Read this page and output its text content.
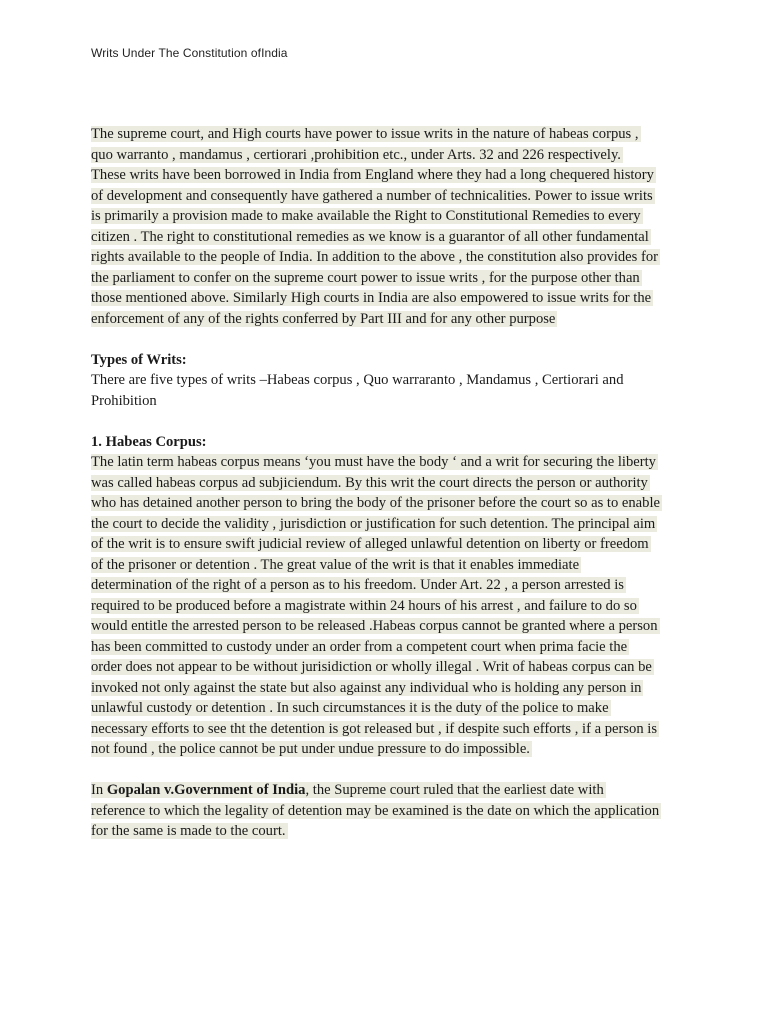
Writs Under The Constitution ofIndia
The supreme court, and High courts have power to issue writs in the nature of habeas corpus ,
quo warranto , mandamus , certiorari ,prohibition etc., under Arts. 32 and 226 respectively.
These writs have been borrowed in India from England where they had a long chequered history
of development and consequently have gathered a number of technicalities. Power to issue writs
is primarily a provision made to make available the Right to Constitutional Remedies to every
citizen . The right to constitutional remedies as we know is a guarantor of all other fundamental
rights available to the people of India. In addition to the above , the constitution also provides for
the parliament to confer on the supreme court power to issue writs , for the purpose other than
those mentioned above. Similarly High courts in India are also empowered to issue writs for the
enforcement of any of the rights conferred by Part III and for any other purpose
Types of Writs:
There are five types of writs –Habeas corpus , Quo warraranto , Mandamus , Certiorari and
Prohibition
1. Habeas Corpus:
The latin term habeas corpus means ‘you must have the body ‘ and a writ for securing the liberty
was called habeas corpus ad subjiciendum. By this writ the court directs the person or authority
who has detained another person to bring the body of the prisoner before the court so as to enable
the court to decide the validity , jurisdiction or justification for such detention. The principal aim
of the writ is to ensure swift judicial review of alleged unlawful detention on liberty or freedom
of the prisoner or detention . The great value of the writ is that it enables immediate
determination of the right of a person as to his freedom. Under Art. 22 , a person arrested is
required to be produced before a magistrate within 24 hours of his arrest , and failure to do so
would entitle the arrested person to be released .Habeas corpus cannot be granted where a person
has been committed to custody under an order from a competent court when prima facie the
order does not appear to be without jurisidiction or wholly illegal . Writ of habeas corpus can be
invoked not only against the state but also against any individual who is holding any person in
unlawful custody or detention . In such circumstances it is the duty of the police to make
necessary efforts to see tht the detention is got released but , if despite such efforts , if a person is
not found , the police cannot be put under undue pressure to do impossible.
In Gopalan v.Government of India, the Supreme court ruled that the earliest date with
reference to which the legality of detention may be examined is the date on which the application
for the same is made to the court.
